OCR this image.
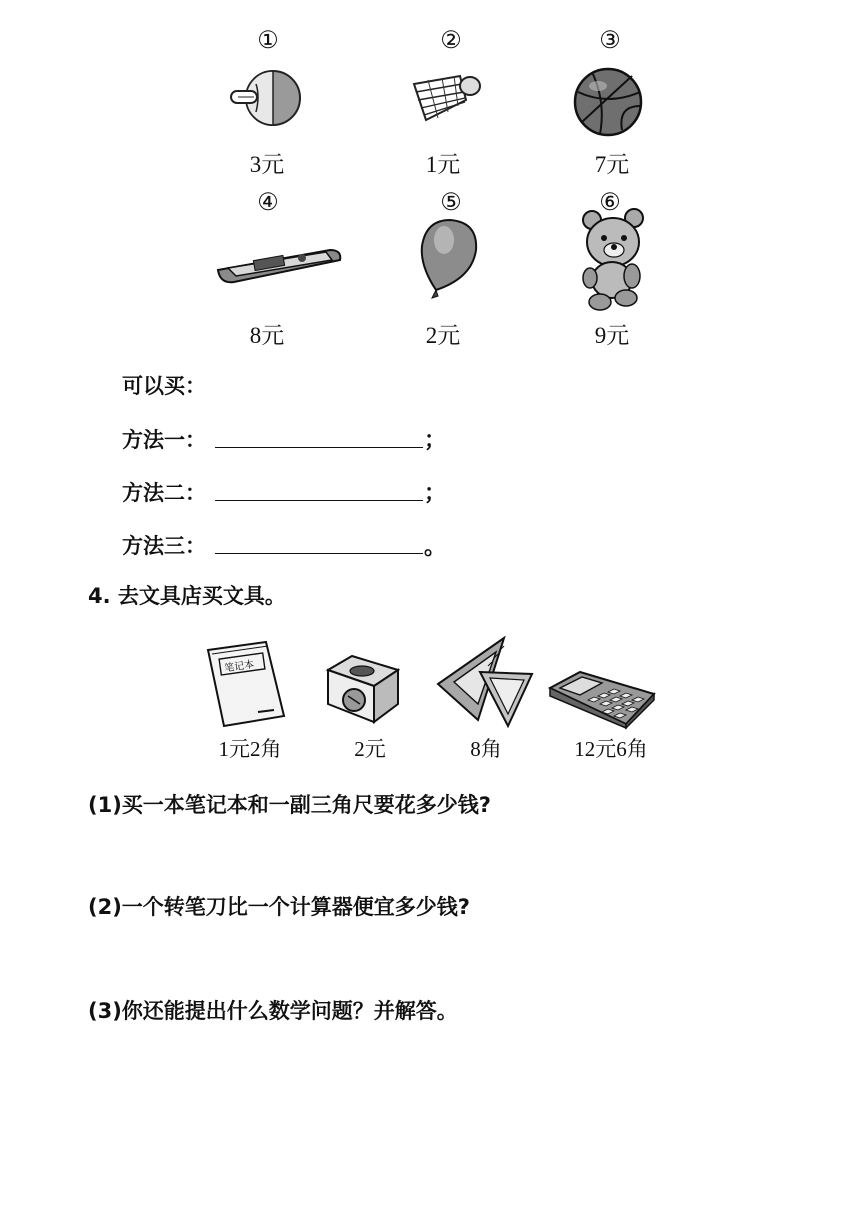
①	②	③
3元	1元	7元
④	⑤	⑥
8元	2元	9元
可以买：
方法一：	；
方法二：	；
方法三：	。
4. 去文具店买文具。
笔记本
1元2角	2元	8角	12元6角
(1)买一本笔记本和一副三角尺要花多少钱?
(2)一个转笔刀比一个计算器便宜多少钱?
(3)你还能提出什么数学问题？并解答。
